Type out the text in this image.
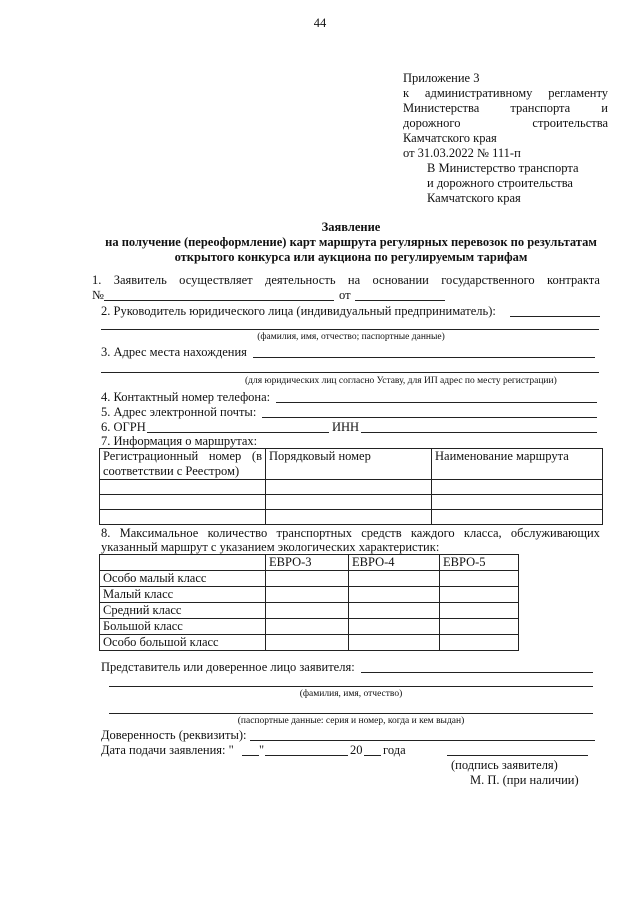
44
Приложение 3
к административному регламенту
Министерства транспорта и
дорожного	строительства
Камчатского края
от 31.03.2022 № 111-п
В Министерство транспорта
и дорожного строительства
Камчатского края
Заявление
на получение (переоформление) карт маршрута регулярных перевозок по результатам
открытого конкурса или аукциона по регулируемым тарифам
1. Заявитель осуществляет деятельность на основании государственного контракта
№	от
2. Руководитель юридического лица (индивидуальный предприниматель):
(фамилия, имя, отчество; паспортные данные)
3. Адрес места нахождения
(для юридических лиц согласно Уставу, для ИП адрес по месту регистрации)
4. Контактный номер телефона:
5. Адрес электронной почты:
6. ОГРН	ИНН
7. Информация о маршрутах:
Регистрационный номер (в
соответствии с Реестром)	Порядковый номер	Наименование маршрута

8. Максимальное количество транспортных средств каждого класса, обслуживающих
указанный маршрут с указанием экологических характеристик:
	ЕВРО-3	ЕВРО-4	ЕВРО-5
Особо малый класс			
Малый класс			
Средний класс			
Большой класс			
Особо большой класс			
Представитель или доверенное лицо заявителя:
(фамилия, имя, отчество)
(паспортные данные: серия и номер, когда и кем выдан)
Доверенность (реквизиты):
Дата подачи заявления: " "	20 года
(подпись заявителя)
М. П. (при наличии)
